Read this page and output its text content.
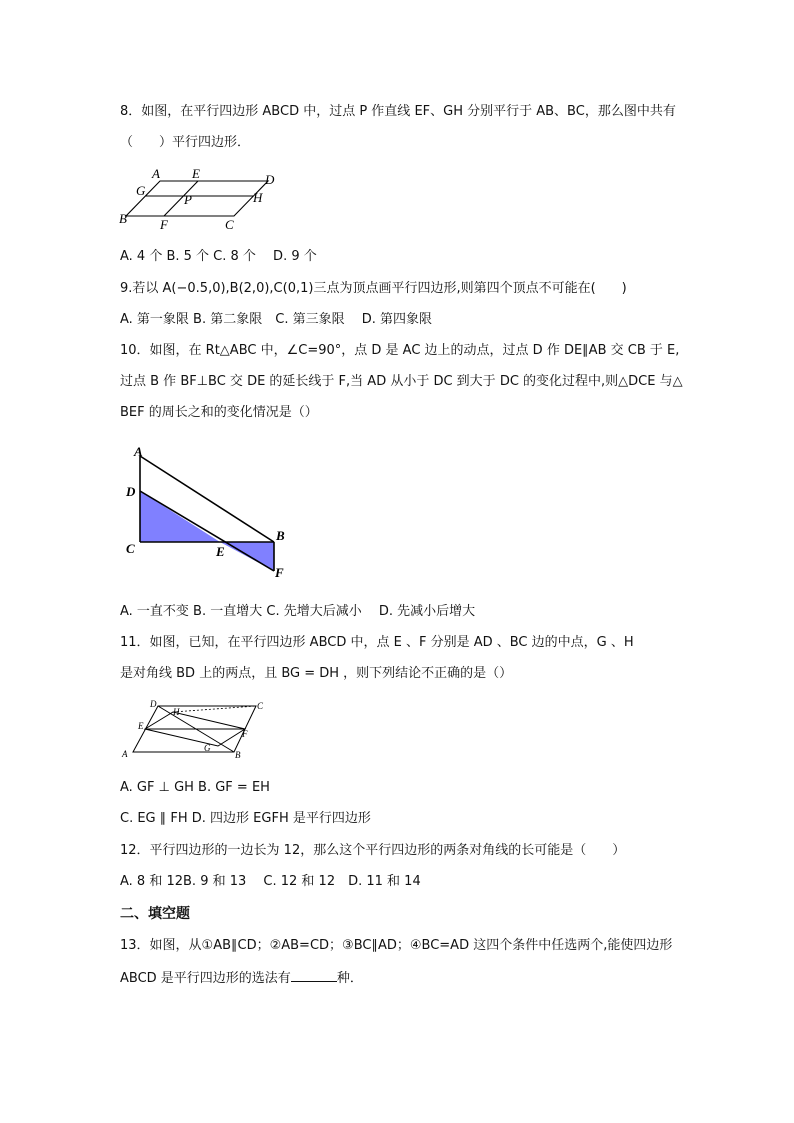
8．如图，在平行四边形 ABCD 中，过点 P 作直线 EF、GH 分别平行于 AB、BC，那么图中共有
（　　）平行四边形．
A E	D
G
P	H
B	F	C
A. 4 个 B. 5 个 C. 8 个　 D. 9 个
9.若以 A(−0.5,0),B(2,0),C(0,1)三点为顶点画平行四边形,则第四个顶点不可能在(　　)
A. 第一象限 B. 第二象限　C. 第三象限　 D. 第四象限
10．如图，在 Rt△ABC 中，∠C=90°，点 D 是 AC 边上的动点，过点 D 作 DE∥AB 交 CB 于 E,
过点 B 作 BF⊥BC 交 DE 的延长线于 F,当 AD 从小于 DC 到大于 DC 的变化过程中,则△DCE 与△
BEF 的周长之和的变化情况是（）
A
D
C	E
B
F
A. 一直不变 B. 一直增大 C. 先增大后减小　 D. 先减小后增大
11．如图，已知，在平行四边形 ABCD 中，点 E 、F 分别是 AD 、BC 边的中点，G 、H
是对角线 BD 上的两点，且 BG = DH ，则下列结论不正确的是（）
D
H
C
E
F
G
A	B
A. GF ⊥ GH B. GF = EH
C. EG ∥ FH D. 四边形 EGFH 是平行四边形
12．平行四边形的一边长为 12，那么这个平行四边形的两条对角线的长可能是（　　）
A. 8 和 12B. 9 和 13　 C. 12 和 12　D. 11 和 14
二、填空题
13．如图，从①AB∥CD；②AB=CD；③BC∥AD；④BC=AD 这四个条件中任选两个,能使四边形
ABCD 是平行四边形的选法有	种．
